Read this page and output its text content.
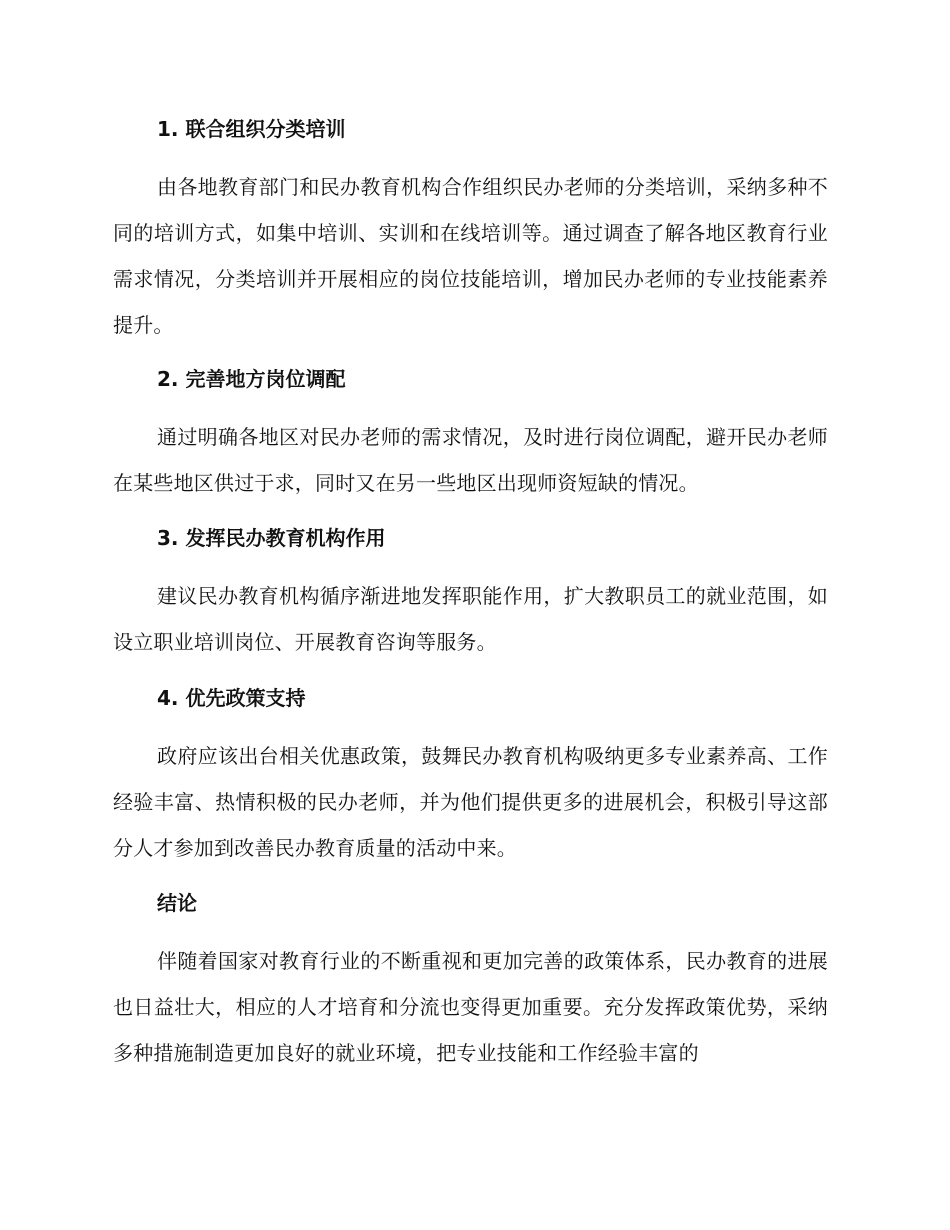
1. 联合组织分类培训
由各地教育部门和民办教育机构合作组织民办老师的分类培训，采纳多种不同的培训方式，如集中培训、实训和在线培训等。通过调查了解各地区教育行业需求情况，分类培训并开展相应的岗位技能培训，增加民办老师的专业技能素养提升。
2. 完善地方岗位调配
通过明确各地区对民办老师的需求情况，及时进行岗位调配，避开民办老师在某些地区供过于求，同时又在另一些地区出现师资短缺的情况。
3. 发挥民办教育机构作用
建议民办教育机构循序渐进地发挥职能作用，扩大教职员工的就业范围，如设立职业培训岗位、开展教育咨询等服务。
4. 优先政策支持
政府应该出台相关优惠政策，鼓舞民办教育机构吸纳更多专业素养高、工作经验丰富、热情积极的民办老师，并为他们提供更多的进展机会，积极引导这部分人才参加到改善民办教育质量的活动中来。
结论
伴随着国家对教育行业的不断重视和更加完善的政策体系，民办教育的进展也日益壮大，相应的人才培育和分流也变得更加重要。充分发挥政策优势，采纳多种措施制造更加良好的就业环境，把专业技能和工作经验丰富的
